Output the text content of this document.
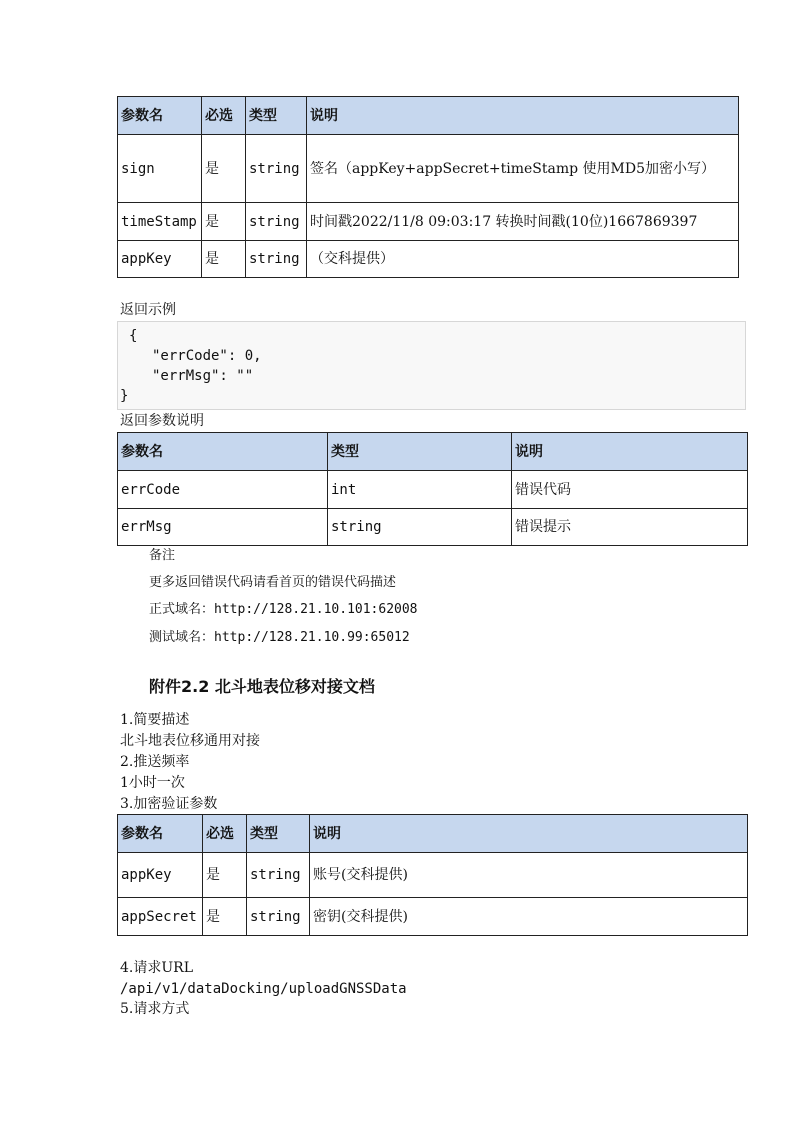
参数名	必选	类型	说明
sign	是	string	签名（appKey+appSecret+timeStamp 使用MD5加密小写）
timeStamp	是	string	时间戳2022/11/8 09:03:17 转换时间戳(10位)1667869397
appKey	是	string	（交科提供）
返回示例
{
"errCode": 0,
"errMsg": ""
}
返回参数说明
参数名	类型	说明
errCode	int	错误代码
errMsg	string	错误提示
备注
更多返回错误代码请看首页的错误代码描述
正式域名：http://128.21.10.101:62008
测试域名：http://128.21.10.99:65012
附件2.2 北斗地表位移对接文档
1.简要描述
北斗地表位移通用对接
2.推送频率
1小时一次
3.加密验证参数
参数名	必选	类型	说明
appKey	是	string	账号(交科提供)
appSecret	是	string	密钥(交科提供)
4.请求URL
/api/v1/dataDocking/uploadGNSSData
5.请求方式
